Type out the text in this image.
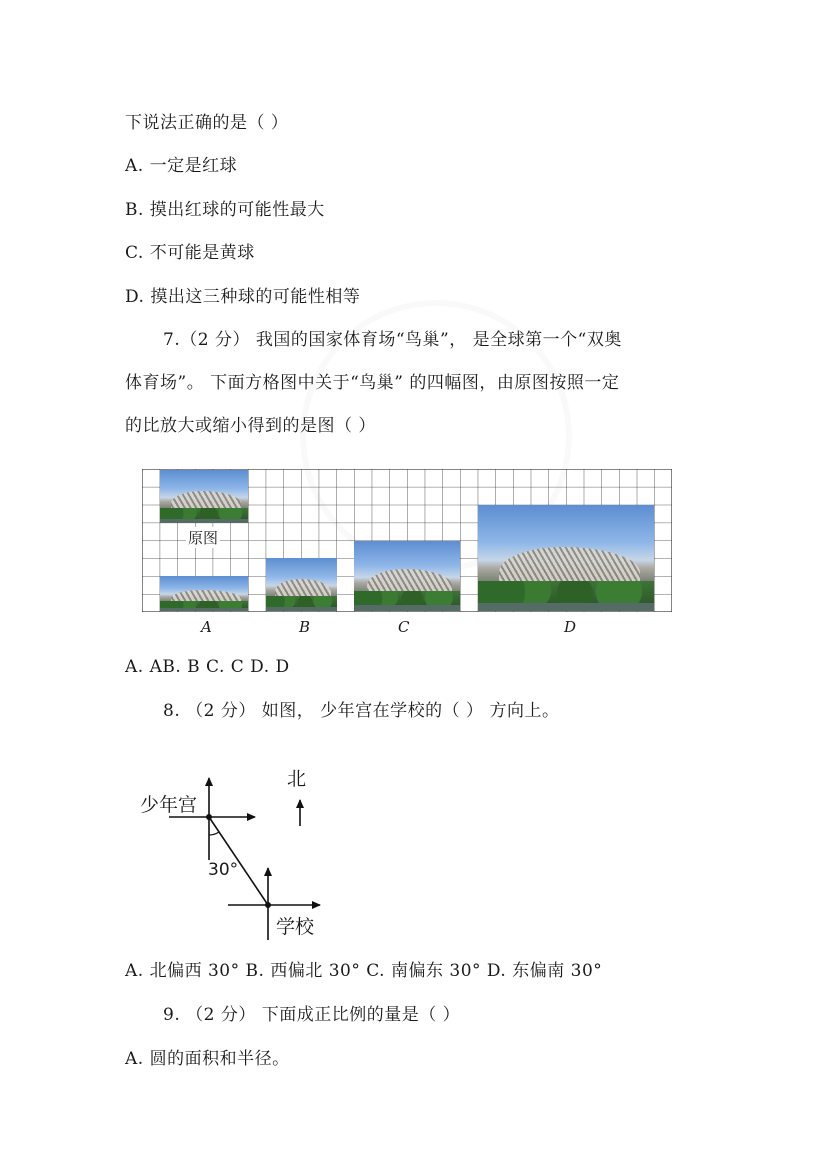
下说法正确的是（ ）
A. 一定是红球
B. 摸出红球的可能性最大
C. 不可能是黄球
D. 摸出这三种球的可能性相等
7.（2 分） 我国的国家体育场“鸟巢”， 是全球第一个“双奥
体育场”。 下面方格图中关于“鸟巢” 的四幅图，由原图按照一定
的比放大或缩小得到的是图（ ）
原图
A	B	C	D
A. AB. B C. C D. D
8. （2 分） 如图， 少年宫在学校的（ ） 方向上。
少年宫
北
30°
学校
A. 北偏西 30° B. 西偏北 30° C. 南偏东 30° D. 东偏南 30°
9. （2 分） 下面成正比例的量是（ ）
A. 圆的面积和半径。
